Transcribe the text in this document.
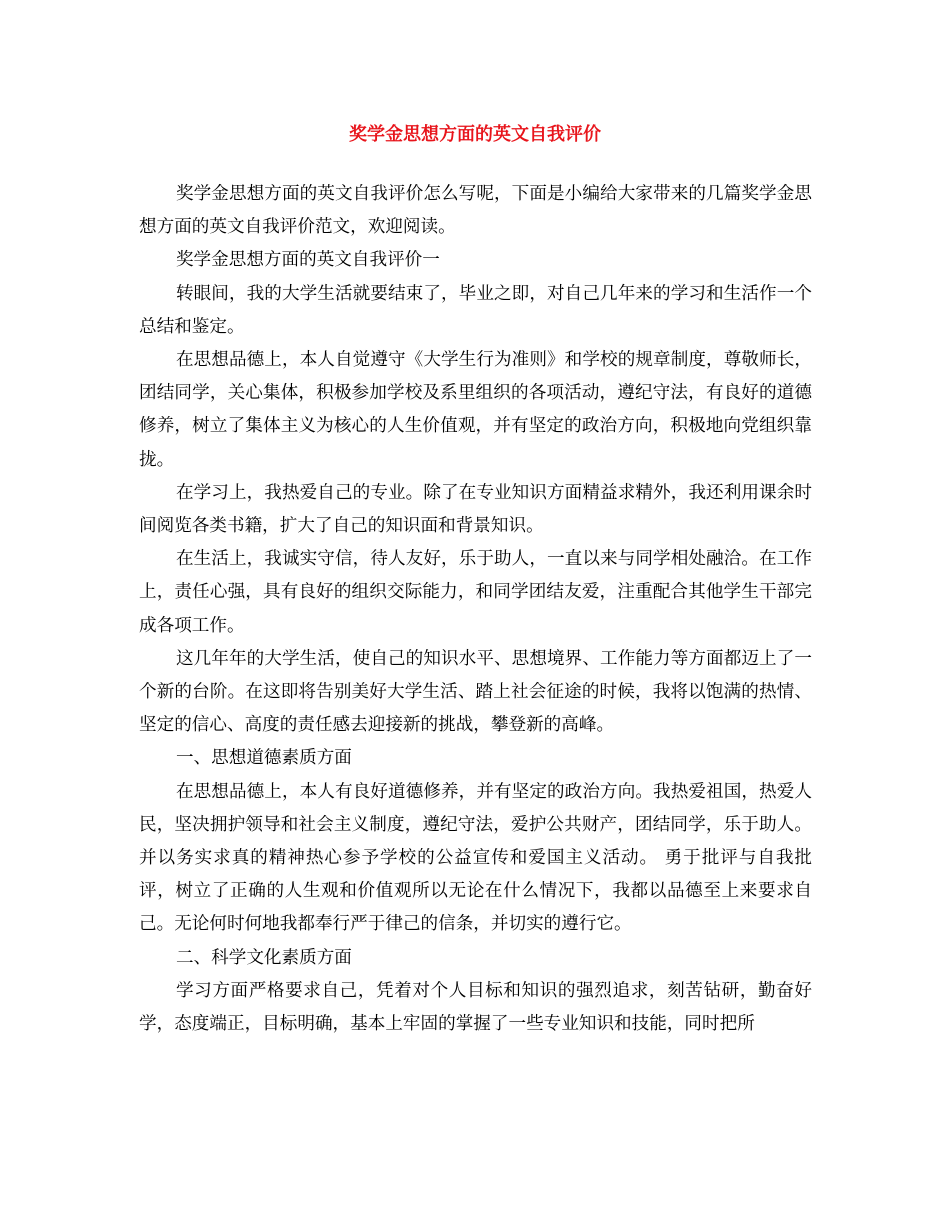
奖学金思想方面的英文自我评价

奖学金思想方面的英文自我评价怎么写呢，下面是小编给大家带来的几篇奖学金思想方面的英文自我评价范文，欢迎阅读。

奖学金思想方面的英文自我评价一

转眼间，我的大学生活就要结束了，毕业之即，对自己几年来的学习和生活作一个总结和鉴定。

在思想品德上，本人自觉遵守《大学生行为准则》和学校的规章制度，尊敬师长，团结同学，关心集体，积极参加学校及系里组织的各项活动，遵纪守法，有良好的道德修养，树立了集体主义为核心的人生价值观，并有坚定的政治方向，积极地向党组织靠拢。

在学习上，我热爱自己的专业。除了在专业知识方面精益求精外，我还利用课余时间阅览各类书籍，扩大了自己的知识面和背景知识。

在生活上，我诚实守信，待人友好，乐于助人，一直以来与同学相处融洽。在工作上，责任心强，具有良好的组织交际能力，和同学团结友爱，注重配合其他学生干部完成各项工作。

这几年年的大学生活，使自己的知识水平、思想境界、工作能力等方面都迈上了一个新的台阶。在这即将告别美好大学生活、踏上社会征途的时候，我将以饱满的热情、坚定的信心、高度的责任感去迎接新的挑战，攀登新的高峰。

一、思想道德素质方面

在思想品德上，本人有良好道德修养，并有坚定的政治方向。我热爱祖国，热爱人民，坚决拥护领导和社会主义制度，遵纪守法，爱护公共财产，团结同学，乐于助人。并以务实求真的精神热心参予学校的公益宣传和爱国主义活动。 勇于批评与自我批评，树立了正确的人生观和价值观所以无论在什么情况下，我都以品德至上来要求自己。无论何时何地我都奉行严于律己的信条，并切实的遵行它。

二、科学文化素质方面

学习方面严格要求自己，凭着对个人目标和知识的强烈追求，刻苦钻研，勤奋好学，态度端正，目标明确，基本上牢固的掌握了一些专业知识和技能，同时把所
